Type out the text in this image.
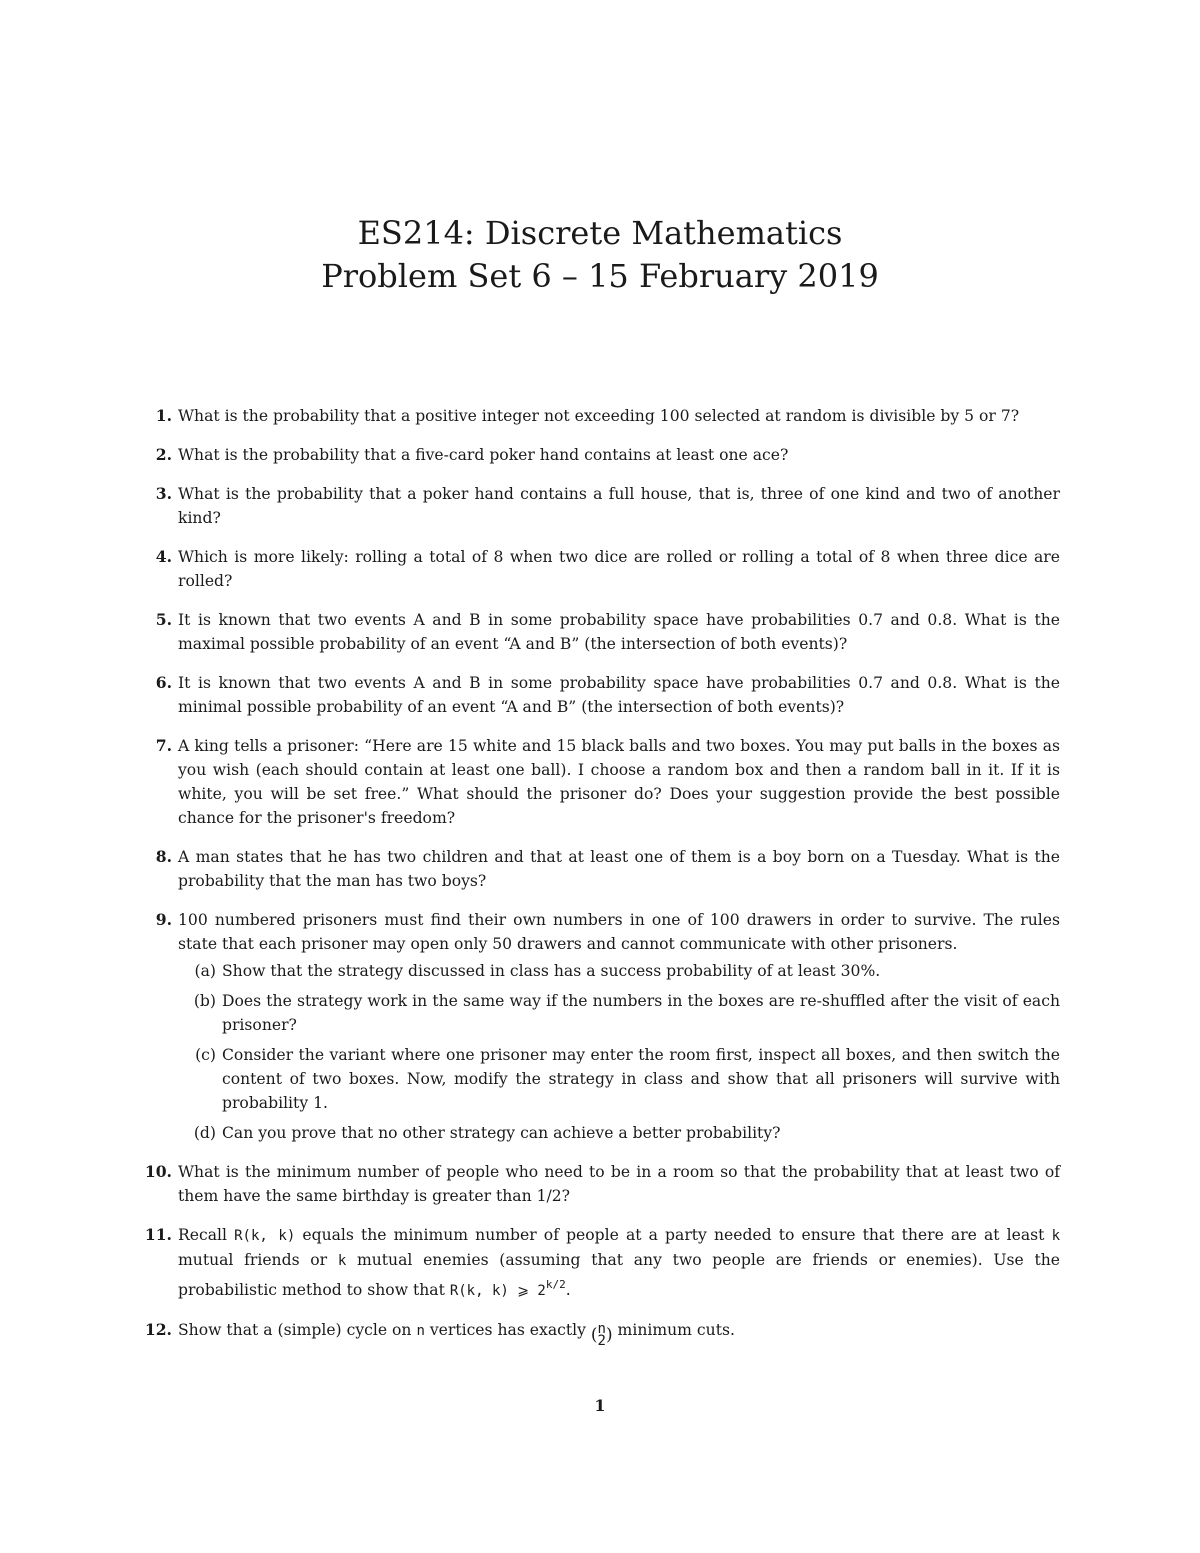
ES214: Discrete Mathematics
Problem Set 6 – 15 February 2019
1. What is the probability that a positive integer not exceeding 100 selected at random is divisible by 5 or 7?
2. What is the probability that a five-card poker hand contains at least one ace?
3. What is the probability that a poker hand contains a full house, that is, three of one kind and two of another kind?
4. Which is more likely: rolling a total of 8 when two dice are rolled or rolling a total of 8 when three dice are rolled?
5. It is known that two events A and B in some probability space have probabilities 0.7 and 0.8. What is the maximal possible probability of an event “A and B” (the intersection of both events)?
6. It is known that two events A and B in some probability space have probabilities 0.7 and 0.8. What is the minimal possible probability of an event “A and B” (the intersection of both events)?
7. A king tells a prisoner: “Here are 15 white and 15 black balls and two boxes. You may put balls in the boxes as you wish (each should contain at least one ball). I choose a random box and then a random ball in it. If it is white, you will be set free.” What should the prisoner do? Does your suggestion provide the best possible chance for the prisoner's freedom?
8. A man states that he has two children and that at least one of them is a boy born on a Tuesday. What is the probability that the man has two boys?
9. 100 numbered prisoners must find their own numbers in one of 100 drawers in order to survive. The rules state that each prisoner may open only 50 drawers and cannot communicate with other prisoners.
(a) Show that the strategy discussed in class has a success probability of at least 30%.
(b) Does the strategy work in the same way if the numbers in the boxes are re-shuffled after the visit of each prisoner?
(c) Consider the variant where one prisoner may enter the room first, inspect all boxes, and then switch the content of two boxes. Now, modify the strategy in class and show that all prisoners will survive with probability 1.
(d) Can you prove that no other strategy can achieve a better probability?
10. What is the minimum number of people who need to be in a room so that the probability that at least two of them have the same birthday is greater than 1/2?
11. Recall R(k, k) equals the minimum number of people at a party needed to ensure that there are at least k mutual friends or k mutual enemies (assuming that any two people are friends or enemies). Use the probabilistic method to show that R(k, k) ⩾ $2^{k/2}$.
12. Show that a (simple) cycle on n vertices has exactly (n
2) minimum cuts.
1
